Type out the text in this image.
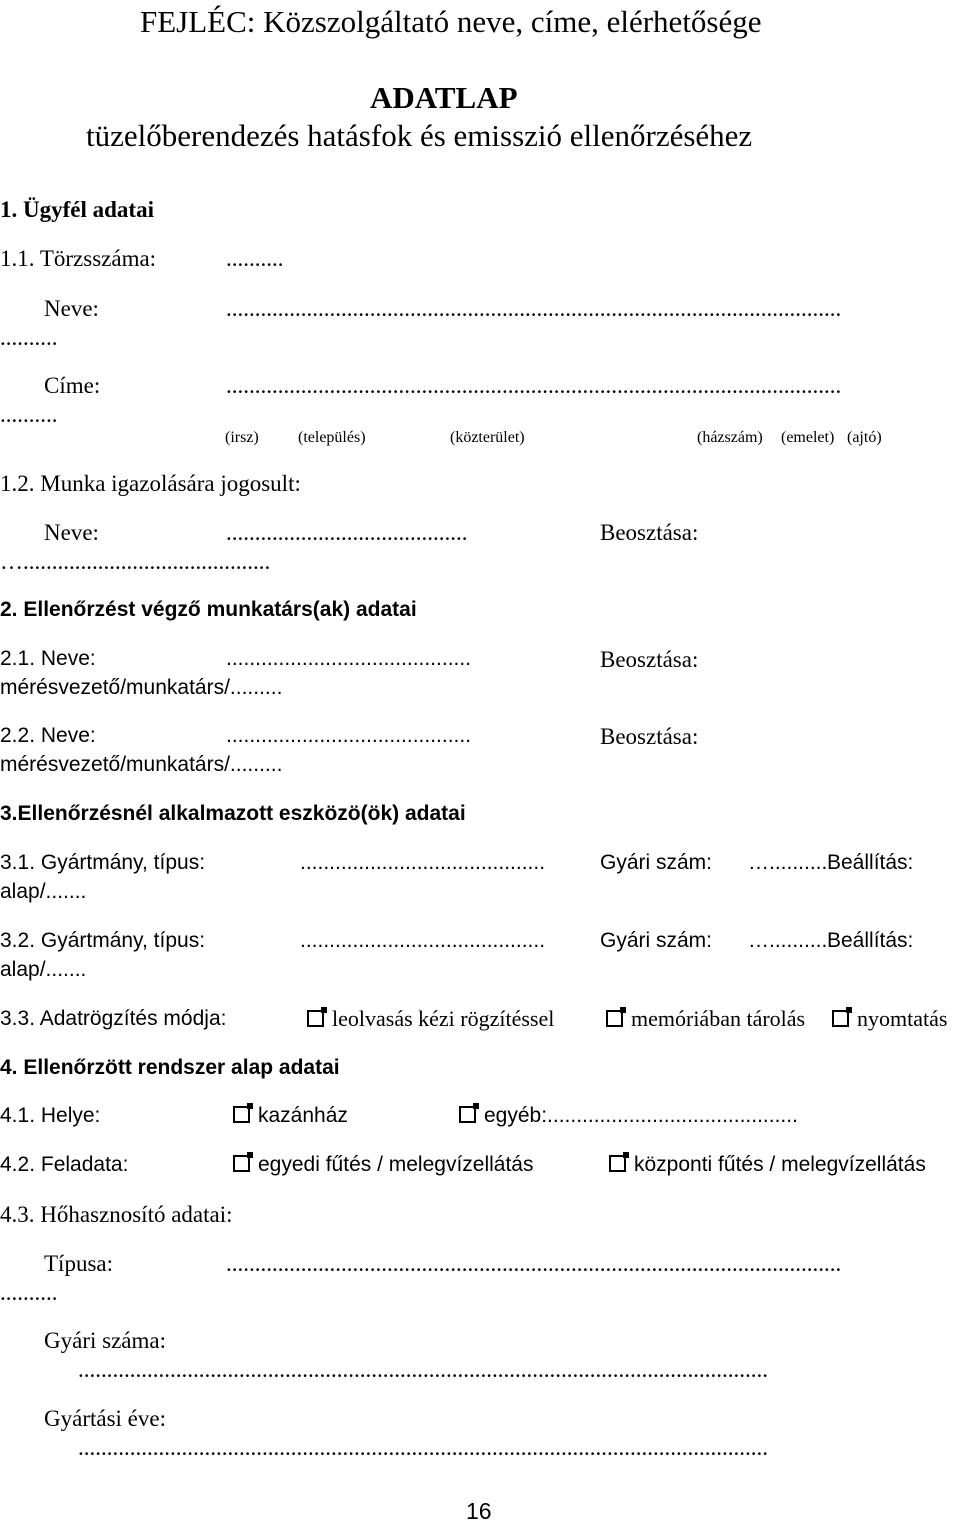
FEJLÉC: Közszolgáltató neve, címe, elérhetősége
ADATLAP
tüzelőberendezés hatásfok és emisszió ellenőrzéséhez
1. Ügyfél adatai
1.1. Törzsszáma:	..........
Neve:	...........................................................................................................
..........
Címe:	...........................................................................................................
..........
(irsz) (település)	(közterület)	(házszám) (emelet) (ajtó)
1.2. Munka igazolására jogosult:
Neve:	..........................................	Beosztása:
…...........................................
2. Ellenőrzést végző munkatárs(ak) adatai
2.1. Neve:	..........................................	Beosztása:
mérésvezető/munkatárs/.........
2.2. Neve:	..........................................	Beosztása:
mérésvezető/munkatárs/.........
3.Ellenőrzésnél alkalmazott eszközö(ök) adatai
3.1. Gyártmány, típus:	..........................................	Gyári szám: ….......... Beállítás:
alap/.......
3.2. Gyártmány, típus:	..........................................	Gyári szám: ….......... Beállítás:
alap/.......
3.3. Adatrögzítés módja:	leolvasás kézi rögzítéssel	memóriában tárolás	nyomtatás
4. Ellenőrzött rendszer alap adatai
4.1. Helye:	kazánház	egyéb:...........................................
4.2. Feladata:	egyedi fűtés / melegvízellátás	központi fűtés / melegvízellátás
4.3. Hőhasznosító adatai:
Típusa:	...........................................................................................................
..........
Gyári száma:
........................................................................................................................
Gyártási éve:
........................................................................................................................
16
